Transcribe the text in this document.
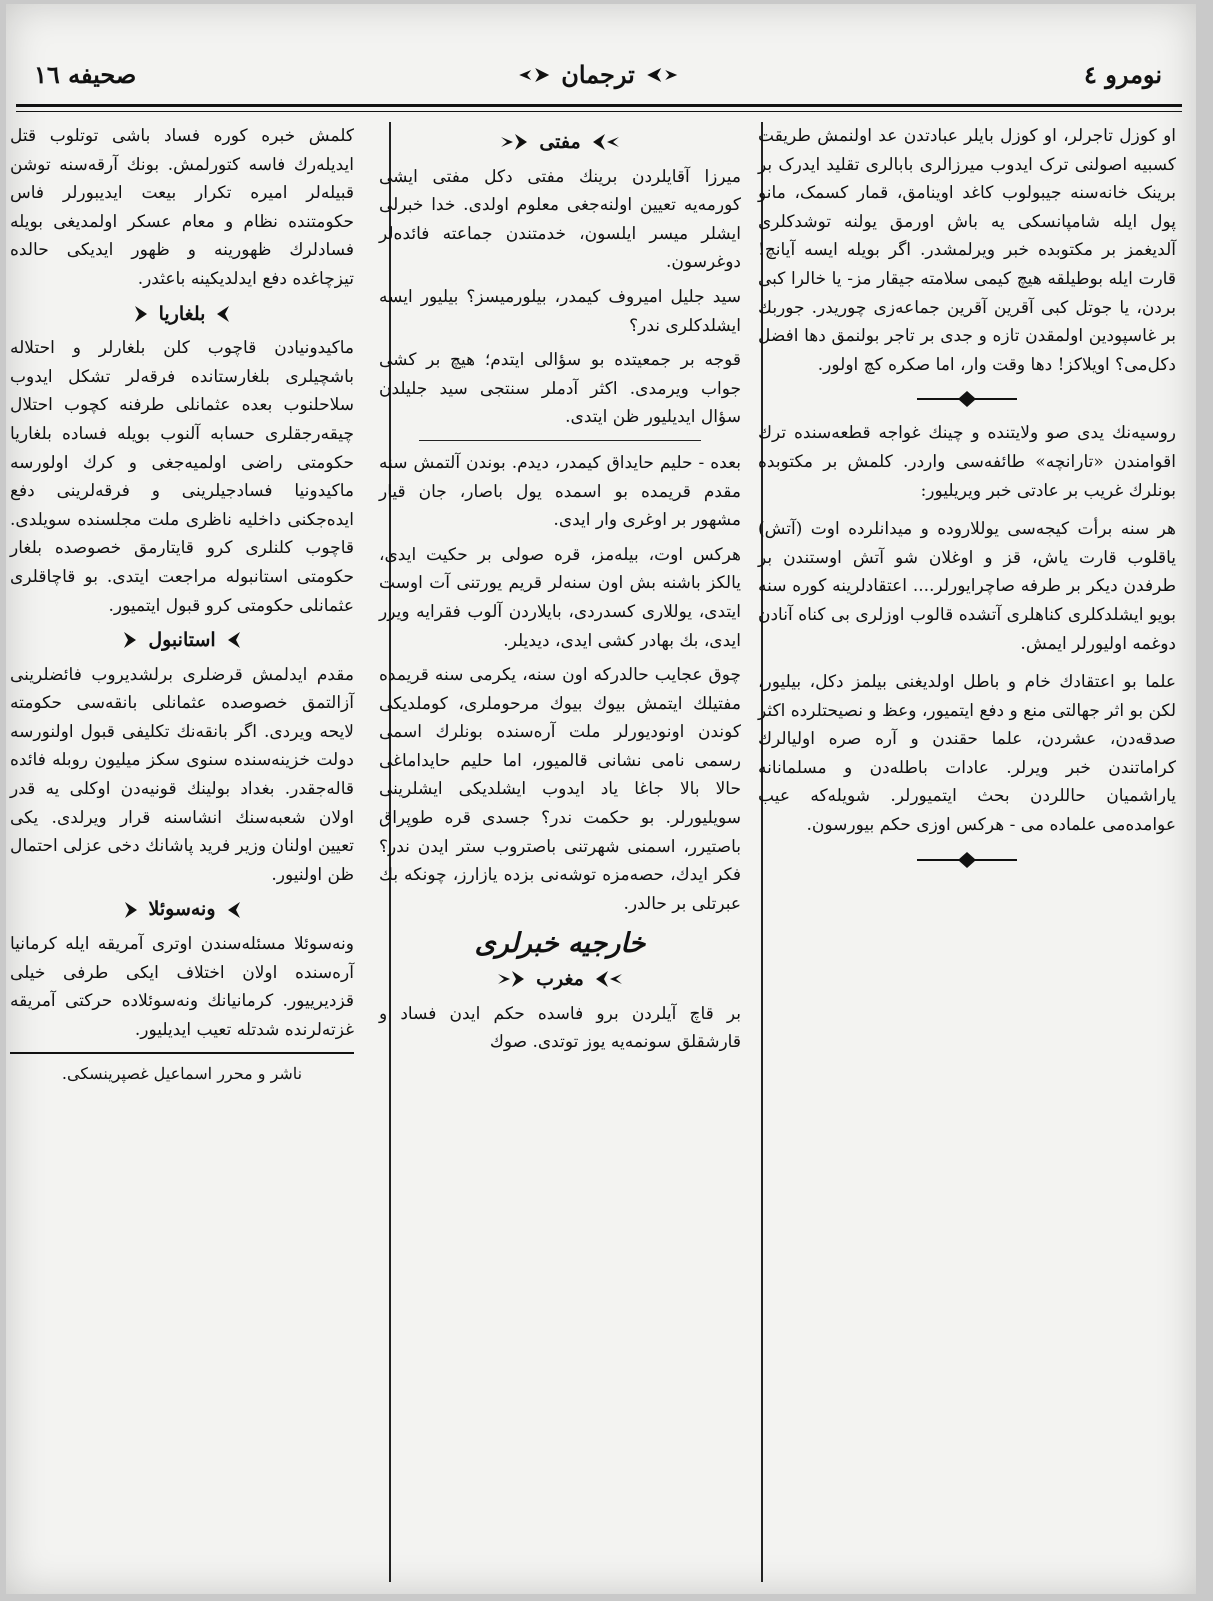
نومرو ٤
ترجمان
صحیفه ١٦

او کوزل تاجرلر، او کوزل بایلر عبادتدن عد اولنمش طریقت کسبیه اصولنی ترک ایدوب میرزالری بابالری تقلید ایدرک بر برینک خانه‌سنه جیبولوب کاغد اوینامق، قمار کسمک، مانو پول ایله شامپانسکی یه باش اورمق یولنه توشدکلری آلدیغمز بر مکتوبده خبر ویرلمشدر. اگر بویله ایسه آیانچ! قارت ایله بوطیلقه هیچ کیمی سلامته جیقار مز- یا خالرا کبی بردن، یا جوتل کبی آقرین آقرین جماعه‌زی چوریدر. جوربك بر غاسپودین اولمقدن تازه و جدی بر تاجر بولنمق دها افضل دکل‌می؟ اویلاکز! دها وقت وار، اما صکره کچ اولور.

روسیه‌نك یدی صو ولایتنده و چینك غواجه قطعه‌سنده ترك اقوامندن «تارانچه» طائفه‌سی واردر. کلمش بر مکتوبده بونلرك غریب بر عادتی خبر ویریلیور:

هر سنه برأت کیجه‌سی یوللاروده و میدانلرده اوت (آتش) یاقلوب قارت یاش، قز و اوغلان شو آتش اوستندن بر طرفدن دیکر بر طرفه صاچرایورلر.... اعتقادلرینه کوره سنه بویو ایشلدکلری کناهلری آتشده قالوب اوزلری بی کناه آنادن دوغمه اولیورلر ایمش.

علما بو اعتقادك خام و باطل اولدیغنی بیلمز دکل، بیلیور، لکن بو اثر جهالتی منع و دفع ایتمیور، وعظ و نصیحتلرده اکثر صدقه‌دن، عشردن، علما حقندن و آره صره اولیالرك کراماتندن خبر ویرلر. عادات باطله‌دن و مسلمانانه یاراشمیان حاللردن بحث ایتمیورلر. شویله‌که عیب عوامده‌می علماده می - هرکس اوزی حکم بیورسون.

مفتی

میرزا آقایلردن برینك مفتی دکل مفتی ایشی کورمه‌یه تعیین اولنه‌جغی معلوم اولدی. خدا خبرلی ایشلر میسر ایلسون، خدمتندن جماعته فائده‌لر دوغرسون.

سید جلیل امیروف کیمدر، بیلورمیسز؟ بیلیور ایسه ایشلدکلری ندر؟

قوجه بر جمعیتده بو سؤالی ایتدم؛ هیچ بر کشی جواب ویرمدی. اکثر آدملر سنتجی سید جلیلدن سؤال ایدیلیور ظن ایتدی.

بعده - حلیم حایداق کیمدر، دیدم. بوندن آلتمش سنه مقدم قریمده بو اسمده یول باصار، جان قیار مشهور بر اوغری وار ایدی.

هرکس اوت، بیلەمز، قره صولی بر حکیت ایدی، یالکز باشنه بش اون سنه‌لر قریم یورتنی آت اوست ایتدی، یوللاری کسدردی، بایلاردن آلوب فقرایه ویرر ایدی، بك بهادر کشی ایدی، دیدیلر.

چوق عجایب حالدرکه اون سنه، یکرمی سنه قریمده مفتیلك ایتمش بیوك بیوك مرحوملری، کوملدیکی کوندن اونودیورلر ملت آره‌سنده بونلرك اسمی رسمی نامی نشانی قالمیور، اما حلیم حایداماغی حالا بالا جاغا یاد ایدوب ایشلدیکی ایشلرینی سویلیورلر. بو حکمت ندر؟ جسدی قره طوپراق باصتیرر، اسمنی شهرتنی باصتروب ستر ایدن ندر؟ فکر ایدك، حصه‌مزه توشه‌نی بزده یازارز، چونکه بك عبرتلی بر حالدر.

خارجیه خبرلری
مغرب

بر قاچ آیلردن برو فاسده حکم ایدن فساد و قارشقلق سونمه‌یه یوز توتدی. صوك

کلمش خبره کوره فساد باشی توتلوب قتل ایدیله‌رك فاسه کتورلمش. بونك آرقەسنه توشن قبیله‌لر امیره تکرار بیعت ایدیبورلر فاس حکومتنده نظام و معام عسکر اولمدیغی بویله فسادلرك ظهورینه و ظهور ایدیکی حالده تیزچاغده دفع ایدلدیکینه باعثدر.

بلغاریا

ماکیدونیادن قاچوب کلن بلغارلر و احتلاله باشچیلری بلغارستانده فرقه‌لر تشکل ایدوب سلاحلنوب بعده عثمانلی طرفنه کچوب احتلال چیقه‌رجقلری حسابه آلنوب بویله فساده بلغاریا حکومتی راضی اولمیه‌جغی و کرك اولورسه ماکیدونیا فسادجیلرینی و فرقه‌لرینی دفع ایده‌جکنی داخلیه ناظری ملت مجلسنده سویلدی. قاچوب کلنلری کرو قایتارمق خصوصده بلغار حکومتی استانبوله مراجعت ایتدی. بو قاچاقلری عثمانلی حکومتی کرو قبول ایتمیور.

استانبول

مقدم ایدلمش قرضلری برلشدیروب فائضلرینی آزالتمق خصوصده عثمانلی بانقه‌سی حکومته لایحه ویردی. اگر بانقه‌نك تکلیفی قبول اولنورسه دولت خزینه‌سنده سنوی سکز میلیون روبله فائده قاله‌جقدر. بغداد بولینك قونیه‌دن اوکلی یه قدر اولان شعبه‌سنك انشاسنه قرار ویرلدی. یکی تعیین اولنان وزیر فرید پاشانك دخی عزلی احتمال ظن اولنیور.

ونه‌سوئلا

ونه‌سوئلا مسئله‌سندن اوتری آمریقه ایله کرمانیا آره‌سنده اولان اختلاف ایکی طرفی خیلی قزدیرییور. کرمانیانك ونه‌سوئلاده حرکتی آمریقه غزته‌لرنده شدتله تعیب ایدیلیور.

ناشر و محرر اسماعیل غصپرینسکی.
